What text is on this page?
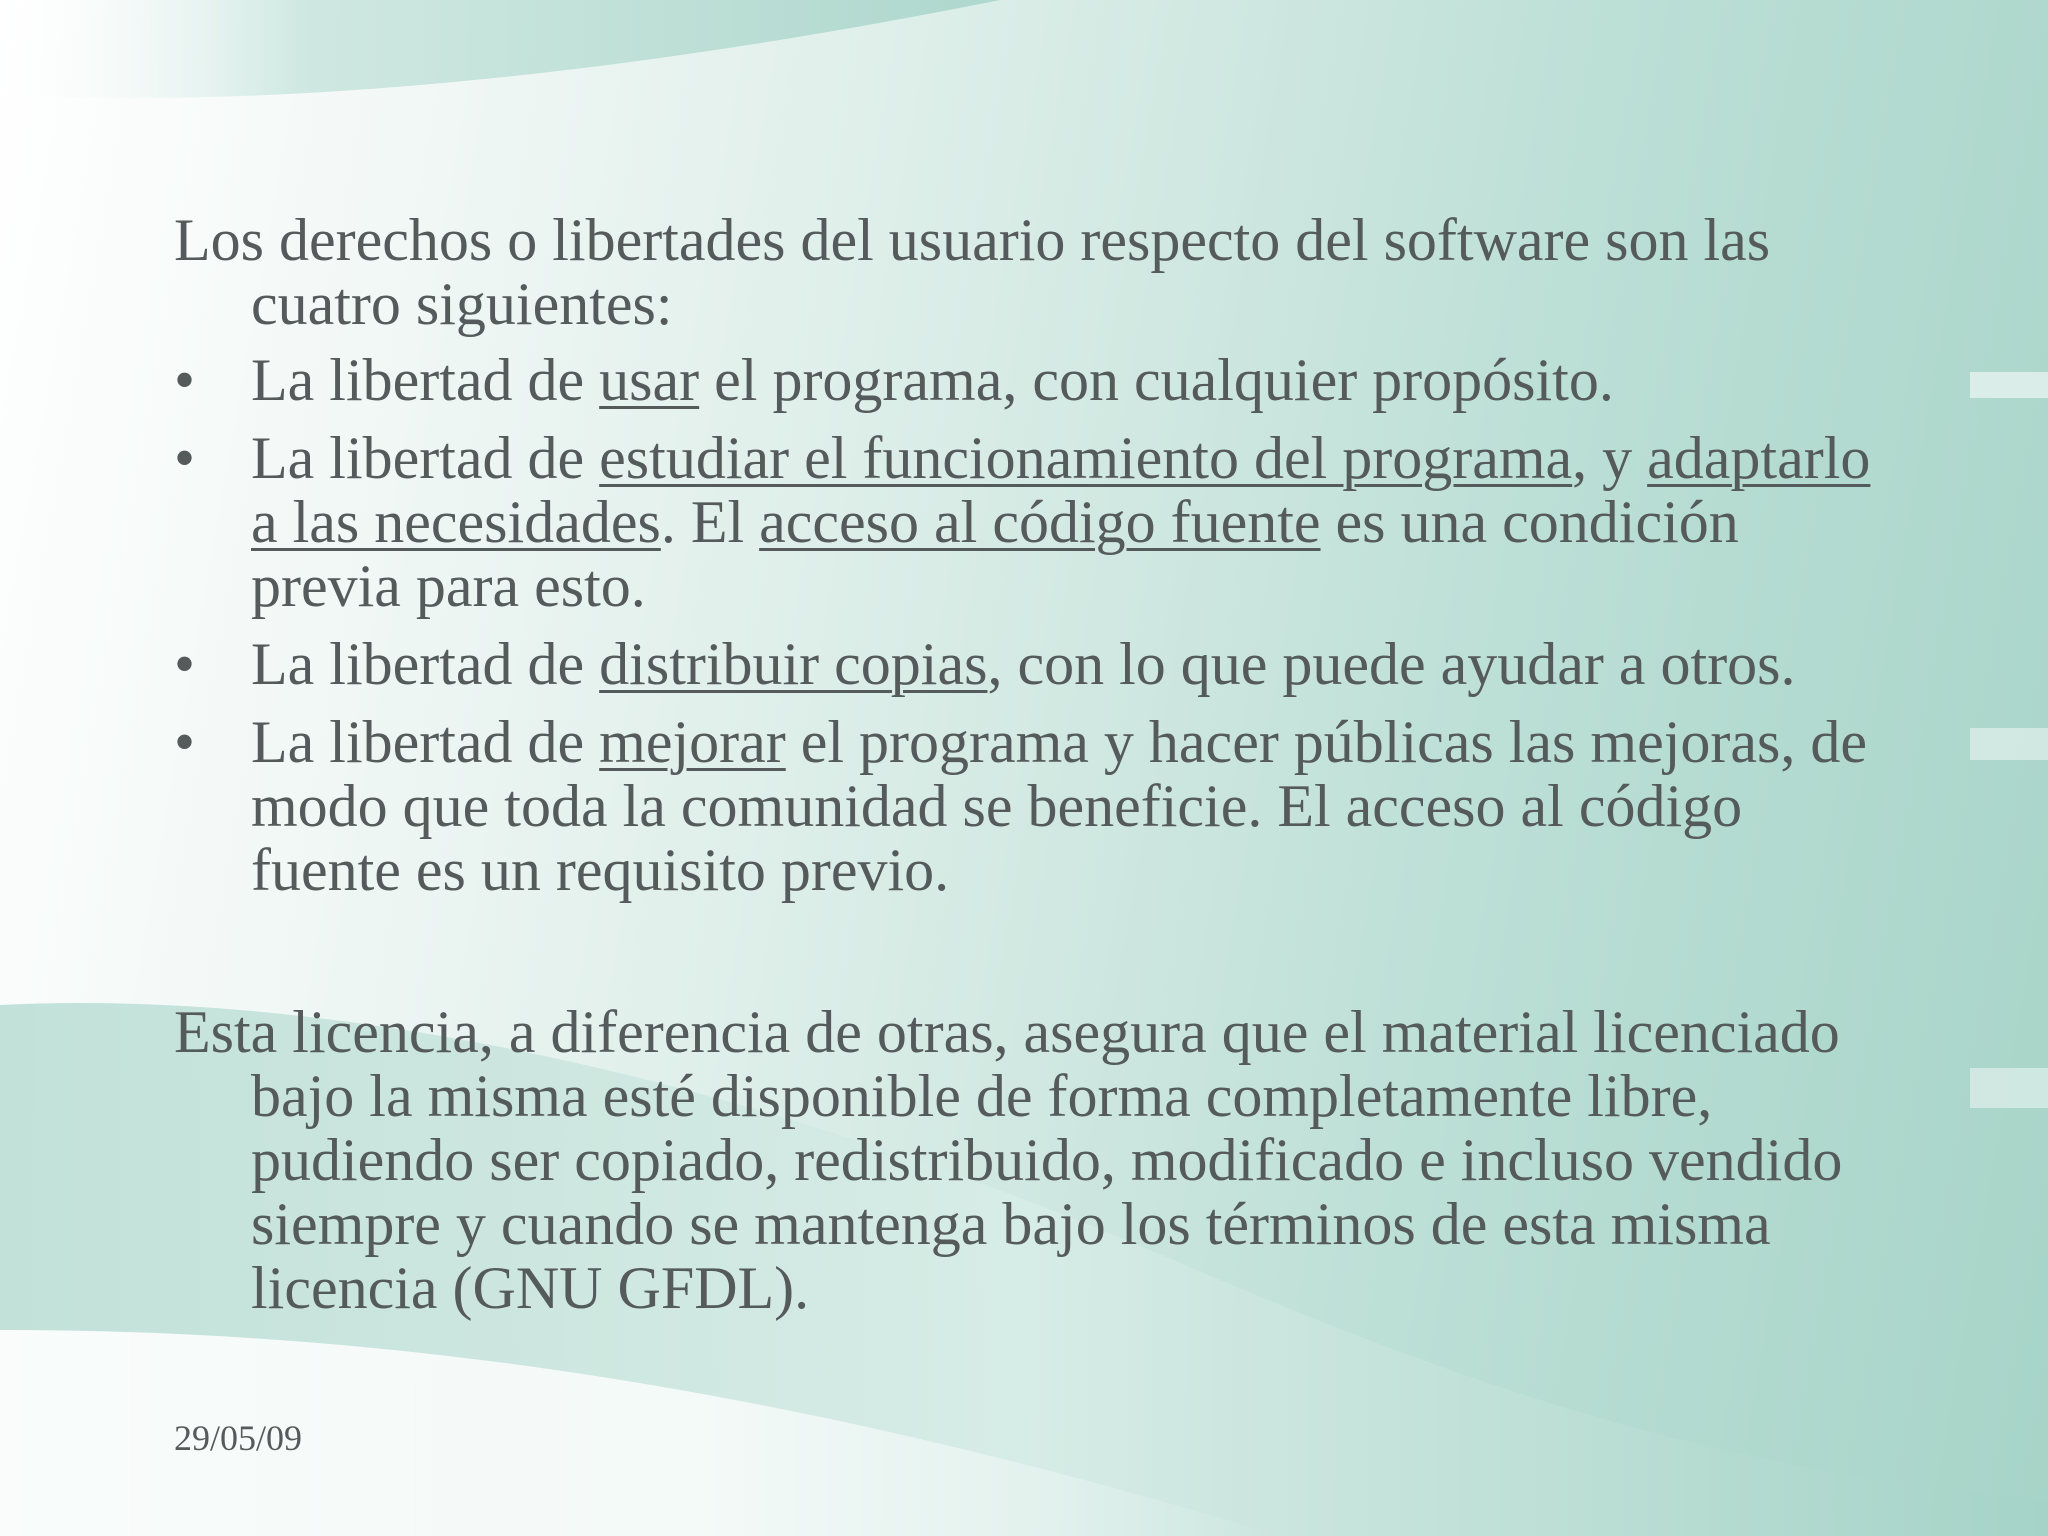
Los derechos o libertades del usuario respecto del software son las cuatro siguientes:

• La libertad de usar el programa, con cualquier propósito.
• La libertad de estudiar el funcionamiento del programa, y adaptarlo a las necesidades. El acceso al código fuente es una condición previa para esto.
• La libertad de distribuir copias, con lo que puede ayudar a otros.
• La libertad de mejorar el programa y hacer públicas las mejoras, de modo que toda la comunidad se beneficie. El acceso al código fuente es un requisito previo.

Esta licencia, a diferencia de otras, asegura que el material licenciado bajo la misma esté disponible de forma completamente libre, pudiendo ser copiado, redistribuido, modificado e incluso vendido siempre y cuando se mantenga bajo los términos de esta misma licencia (GNU GFDL).

29/05/09
